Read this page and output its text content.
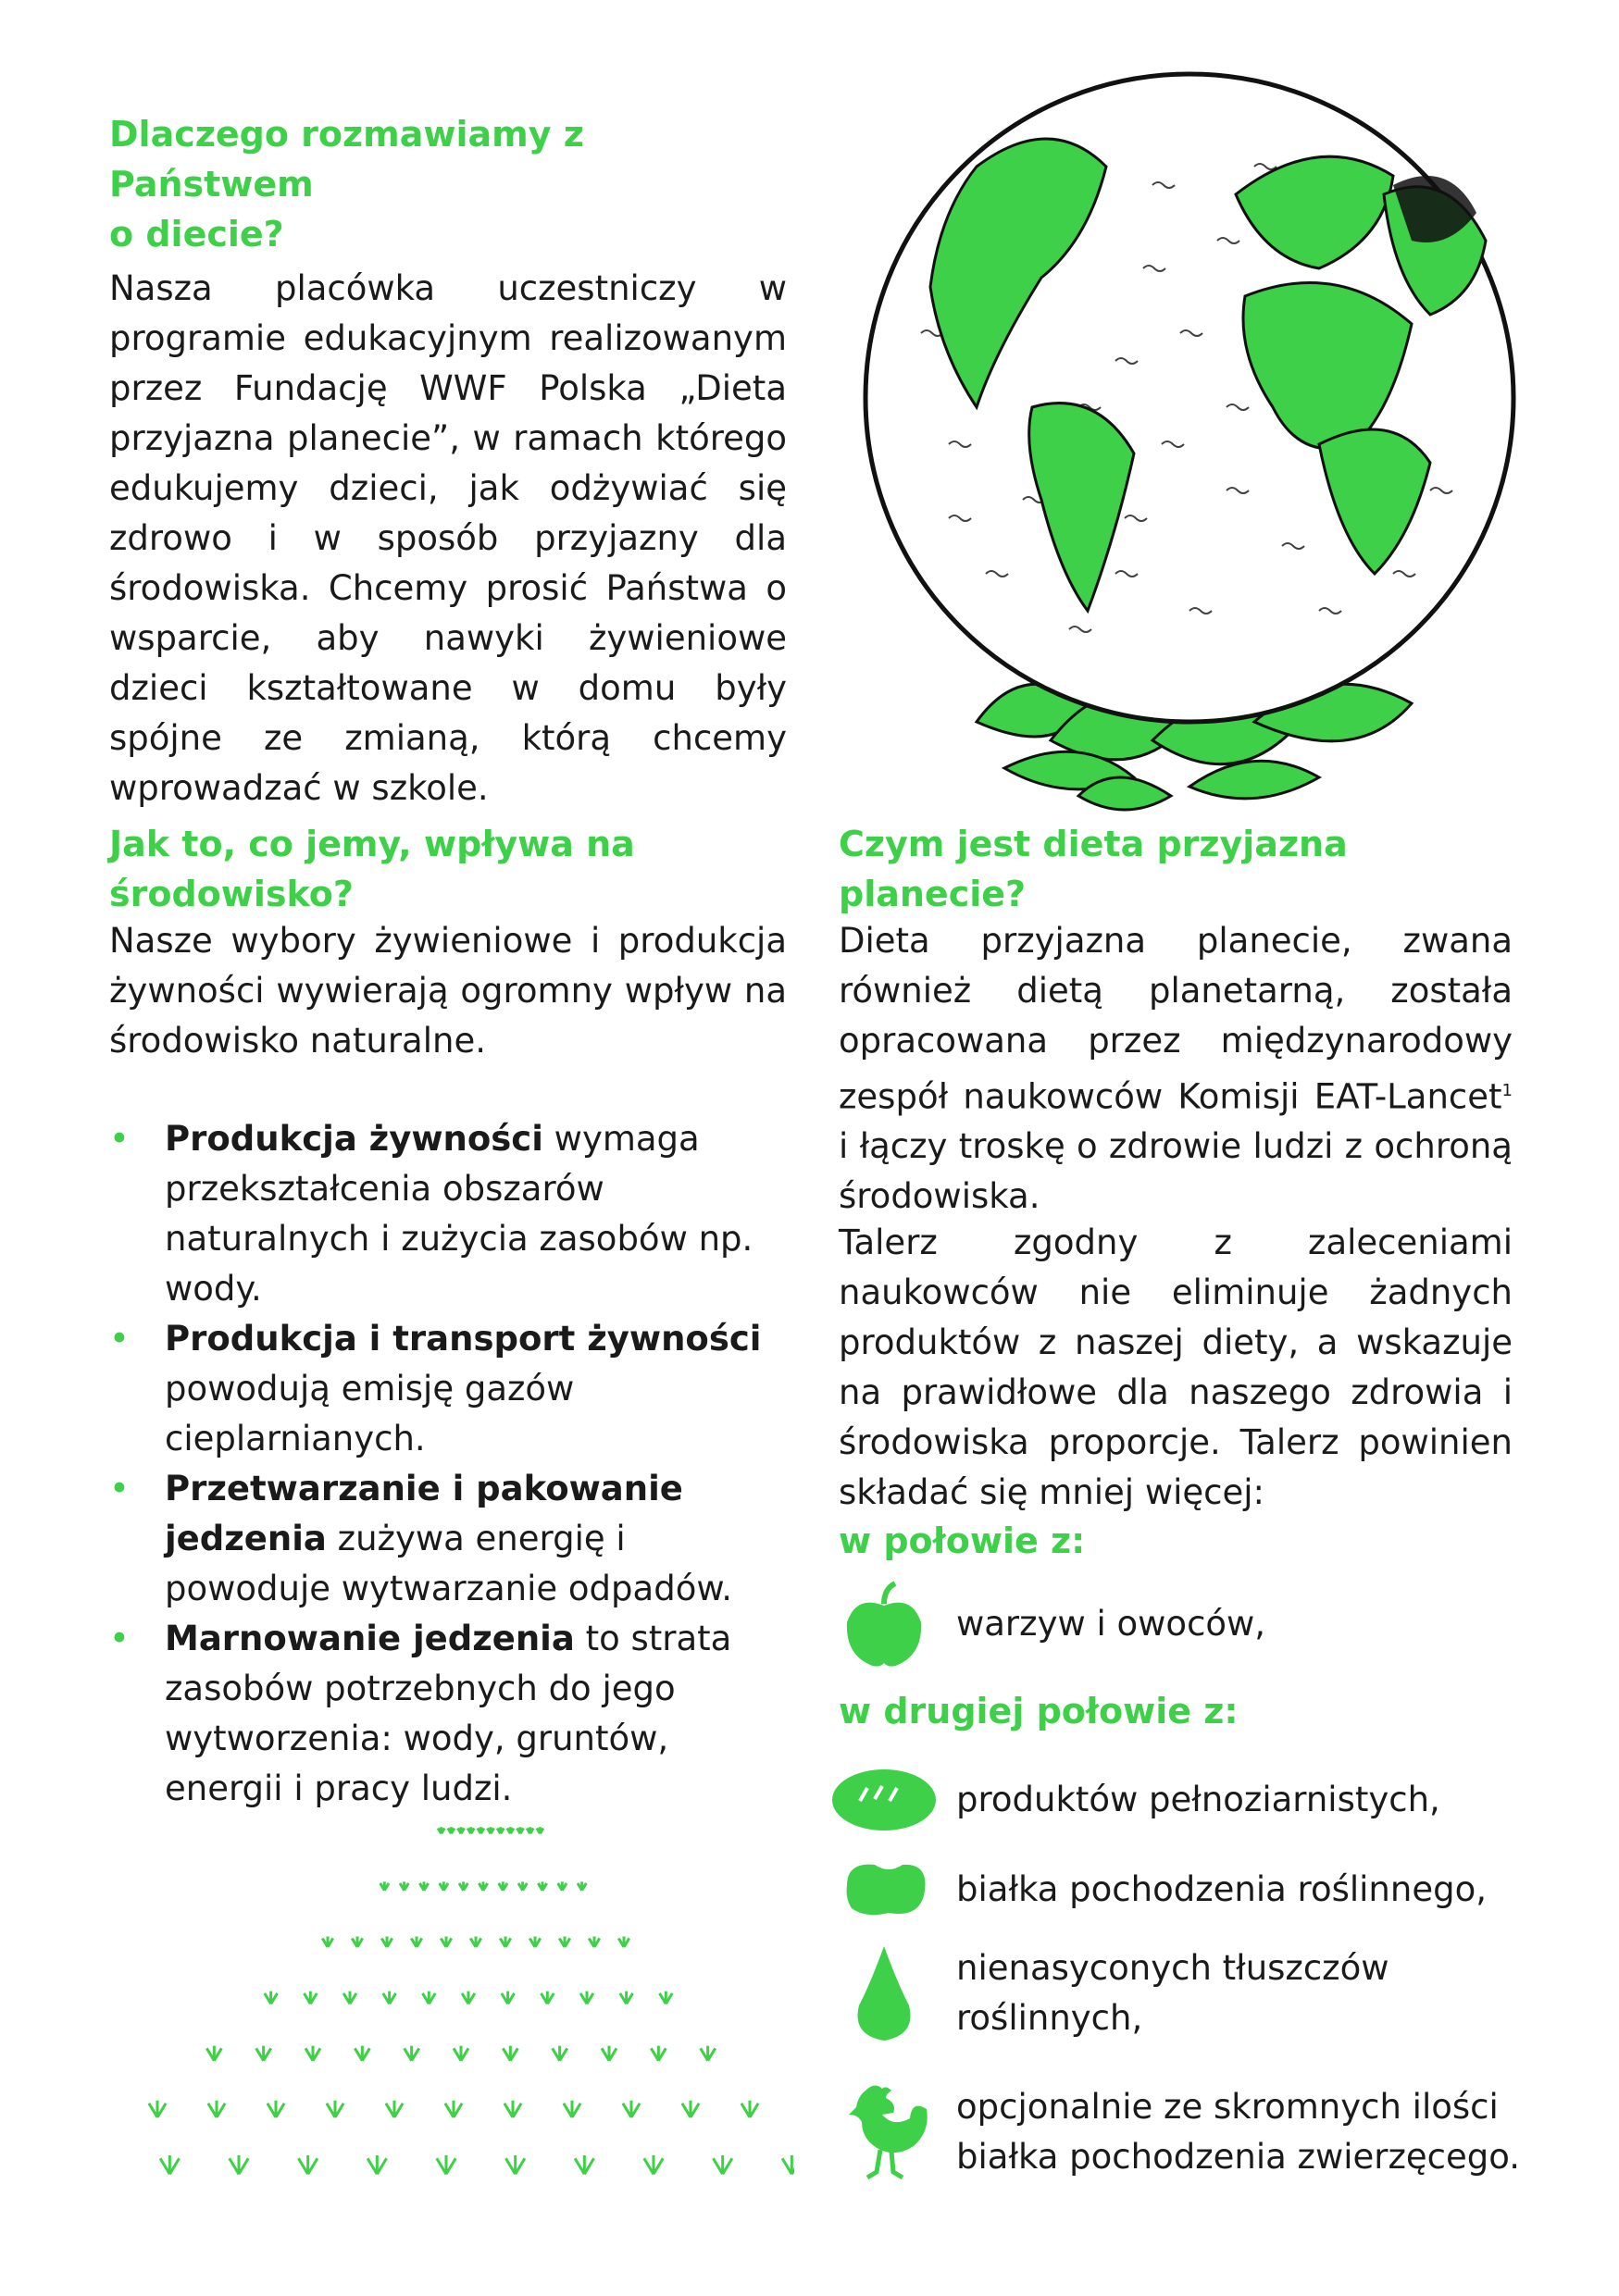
Dlaczego rozmawiamy z Państwem
o diecie?

Nasza placówka uczestniczy w programie edukacyjnym realizowanym przez Fundację WWF Polska „Dieta przyjazna planecie”, w ramach którego edukujemy dzieci, jak odżywiać się zdrowo i w sposób przyjazny dla środowiska. Chcemy prosić Państwa o wsparcie, aby nawyki żywieniowe dzieci kształtowane w domu były spójne ze zmianą, którą chcemy wprowadzać w szkole.

Jak to, co jemy, wpływa na środowisko?

Nasze wybory żywieniowe i produkcja żywności wywierają ogromny wpływ na środowisko naturalne.

• Produkcja żywności wymaga przekształcenia obszarów naturalnych i zużycia zasobów np. wody.
• Produkcja i transport żywności powodują emisję gazów cieplarnianych.
• Przetwarzanie i pakowanie jedzenia zużywa energię i powoduje wytwarzanie odpadów.
• Marnowanie jedzenia to strata zasobów potrzebnych do jego wytworzenia: wody, gruntów, energii i pracy ludzi.
Czym jest dieta przyjazna planecie?

Dieta przyjazna planecie, zwana również dietą planetarną, została opracowana przez międzynarodowy zespół naukowców Komisji EAT-Lancet$^1$ i łączy troskę o zdrowie ludzi z ochroną środowiska.

Talerz zgodny z zaleceniami naukowców nie eliminuje żadnych produktów z naszej diety, a wskazuje na prawidłowe dla naszego zdrowia i środowiska proporcje. Talerz powinien składać się mniej więcej:

w połowie z:
warzyw i owoców,
w drugiej połowie z:
produktów pełnoziarnistych,
białka pochodzenia roślinnego,
nienasyconych tłuszczów
roślinnych,
opcjonalnie ze skromnych ilości
białka pochodzenia zwierzęcego.
